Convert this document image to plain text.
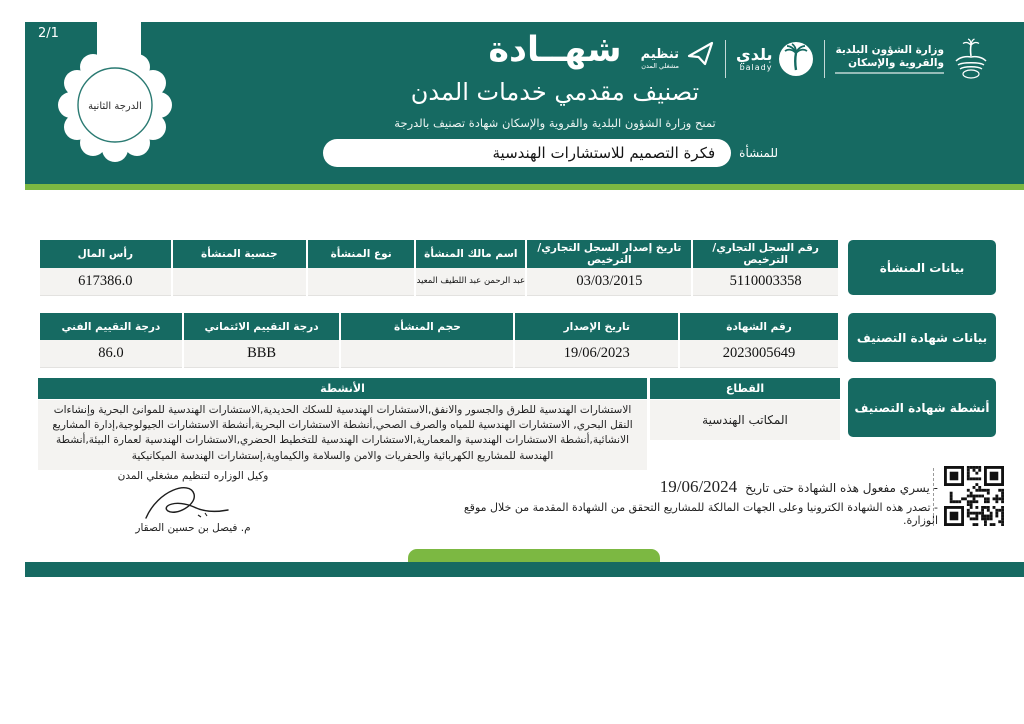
2/1
الدرجة الثانية
شهــادة
تصنيف مقدمي خدمات المدن
تمنح وزارة الشؤون البلدية والقروية والإسكان شهادة تصنيف بالدرجة
للمنشأة
فكرة التصميم للاستشارات الهندسية
تنظيم
مشغلي المدن
بلدي
balady
وزارة الشؤون البلدية
والقروية والإسكان
رقم السجل التجاري/ الترخيص	تاريخ إصدار السجل التجاري/ الترخيص	اسم مالك المنشأة	نوع المنشأة	جنسية المنشأة	رأس المال
5110003358	03/03/2015	عبد الرحمن عبد اللطيف المعيد			617386.0
بيانات المنشأة
رقم الشهادة	تاريخ الإصدار	حجم المنشأة	درجة التقييم الائتماني	درجة التقييم الفني
2023005649	19/06/2023		BBB	86.0
بيانات شهادة التصنيف
القطاع
المكاتب الهندسية
الأنشطة
الاستشارات الهندسية للطرق والجسور والانفق,الاستشارات الهندسية للسكك الحديدية,الاستشارات الهندسية للموانئ البحرية وإنشاءات النقل البحري, الاستشارات الهندسية للمياه والصرف الصحي,أنشطة الاستشارات البحرية,أنشطة الاستشارات الجيولوجية,إدارة المشاريع الانشائية,أنشطة الاستشارات الهندسية والمعمارية,الاستشارات الهندسية للتخطيط الحضري,الاستشارات الهندسية لعمارة البيئة,أنشطة الهندسة للمشاريع الكهربائية والحفريات والامن والسلامة والكيماوية,إستشارات الهندسة الميكانيكية
أنشطة شهادة التصنيف
وكيل الوزاره لتنظيم مشغلي المدن
م. فيصل بن حسين الصقار
- يسري مفعول هذه الشهادة حتى تاريخ
19/06/2024
- تصدر هذه الشهادة الكترونيا وعلى الجهات المالكة للمشاريع التحقق من الشهادة المقدمة من خلال موقع الوزارة.
